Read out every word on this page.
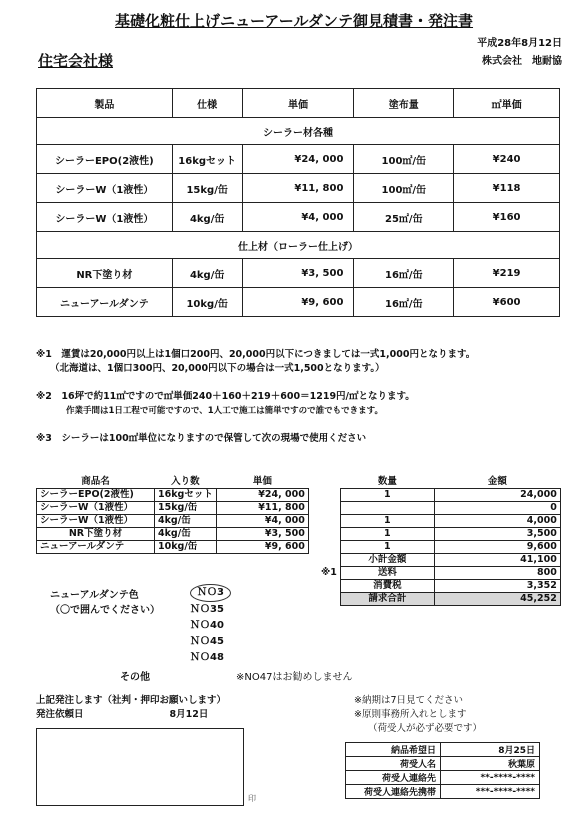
基礎化粧仕上げニューアールダンテ御見積書・発注書
平成28年8月12日
住宅会社様	株式会社　地耐協
製品	仕様	単価	塗布量	㎡単価
シーラー材各種				
シーラーEPO(2液性)	16kgセット	¥24, 000	100㎡/缶	¥240
シーラーW（1液性）	15kg/缶	¥11, 800	100㎡/缶	¥118
シーラーW（1液性）	4kg/缶	¥4, 000	25㎡/缶	¥160
仕上材（ローラー仕上げ）				
NR下塗り材	4kg/缶	¥3, 500	16㎡/缶	¥219
ニューアールダンテ	10kg/缶	¥9, 600	16㎡/缶	¥600
※1　運賃は20,000円以上は1個口200円、20,000円以下につきましては一式1,000円となります。
（北海道は、1個口300円、20,000円以下の場合は一式1,500となります。）
※2　16坪で約11㎡ですので㎡単価240＋160＋219＋600＝1219円/㎡となります。
作業手間は1日工程で可能ですので、1人工で施工は簡単ですので誰でもできます。
※3　シーラーは100㎡単位になりますので保管して次の現場で使用ください
商品名	入り数	単価		数量	金額
シーラーEPO(2液性)	16kgセット	¥24, 000		1	24,000
シーラーW（1液性）	15kg/缶	¥11, 800			0
シーラーW（1液性）	4kg/缶	¥4, 000		1	4,000
NR下塗り材	4kg/缶	¥3, 500		1	3,500
ニューアールダンテ	10kg/缶	¥9, 600		1	9,600
				小計金額	41,100
			※1	送料	800
				消費税	3,352
				請求合計	45,252
ニューアルダンテ色
（〇で囲んでください）
ＮＯ3
ＮＯ35
ＮＯ40
ＮＯ45
ＮＯ48
その他	※NO47はお勧めしません
上記発注します（社判・押印お願いします）
発注依頼日	8月12日
※納期は7日見てください
※原則事務所入れとします
（荷受人が必ず必要です）
印
納品希望日	8月25日
荷受人名	秋葉原
荷受人連絡先	**-****-****
荷受人連絡先携帯	***-****-****
